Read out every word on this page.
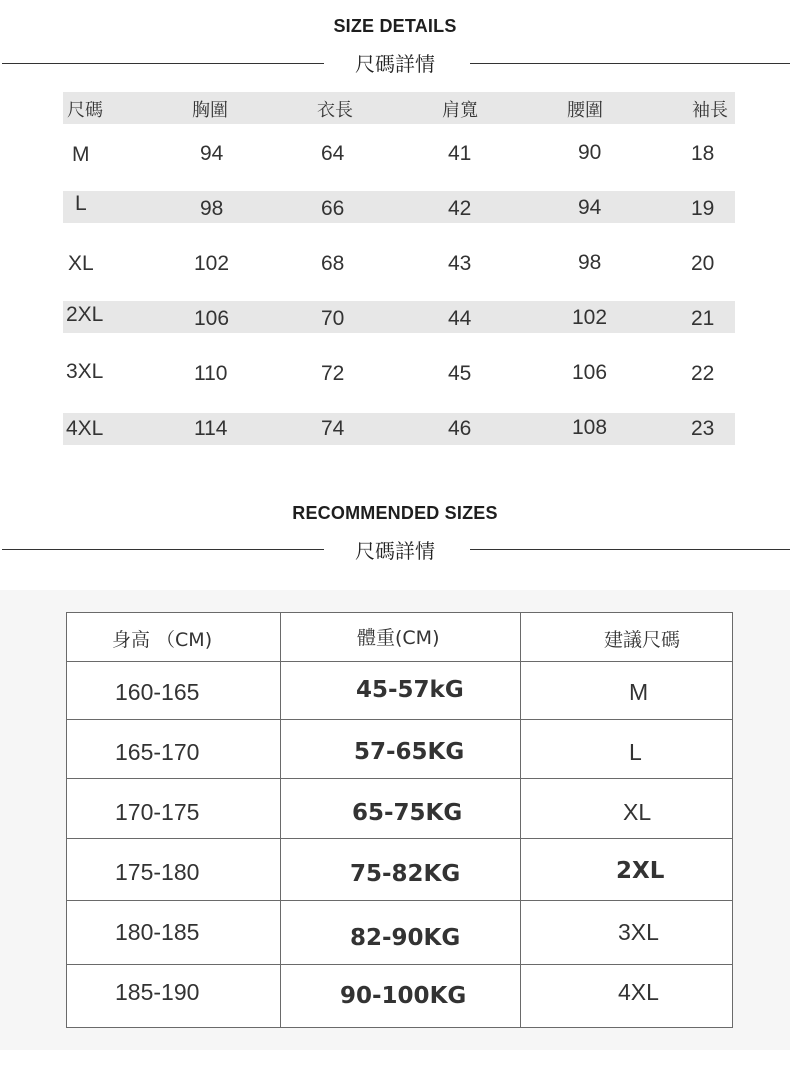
SIZE DETAILS
尺碼詳情
尺碼	胸圍	衣長	肩寬	腰圍	袖長
M	94	64	41	90	18
L	98	66	42	94	19
XL	102	68	43	98	20
2XL	106	70	44	102	21
3XL	110	72	45	106	22
4XL	114	74	46	108	23
RECOMMENDED SIZES
尺碼詳情
身高 （CM)	體重(CM)	建議尺碼
160-165	45-57kG	M
165-170	57-65KG	L
170-175	65-75KG	XL
175-180	75-82KG	2XL
180-185	82-90KG	3XL
185-190	90-100KG	4XL
